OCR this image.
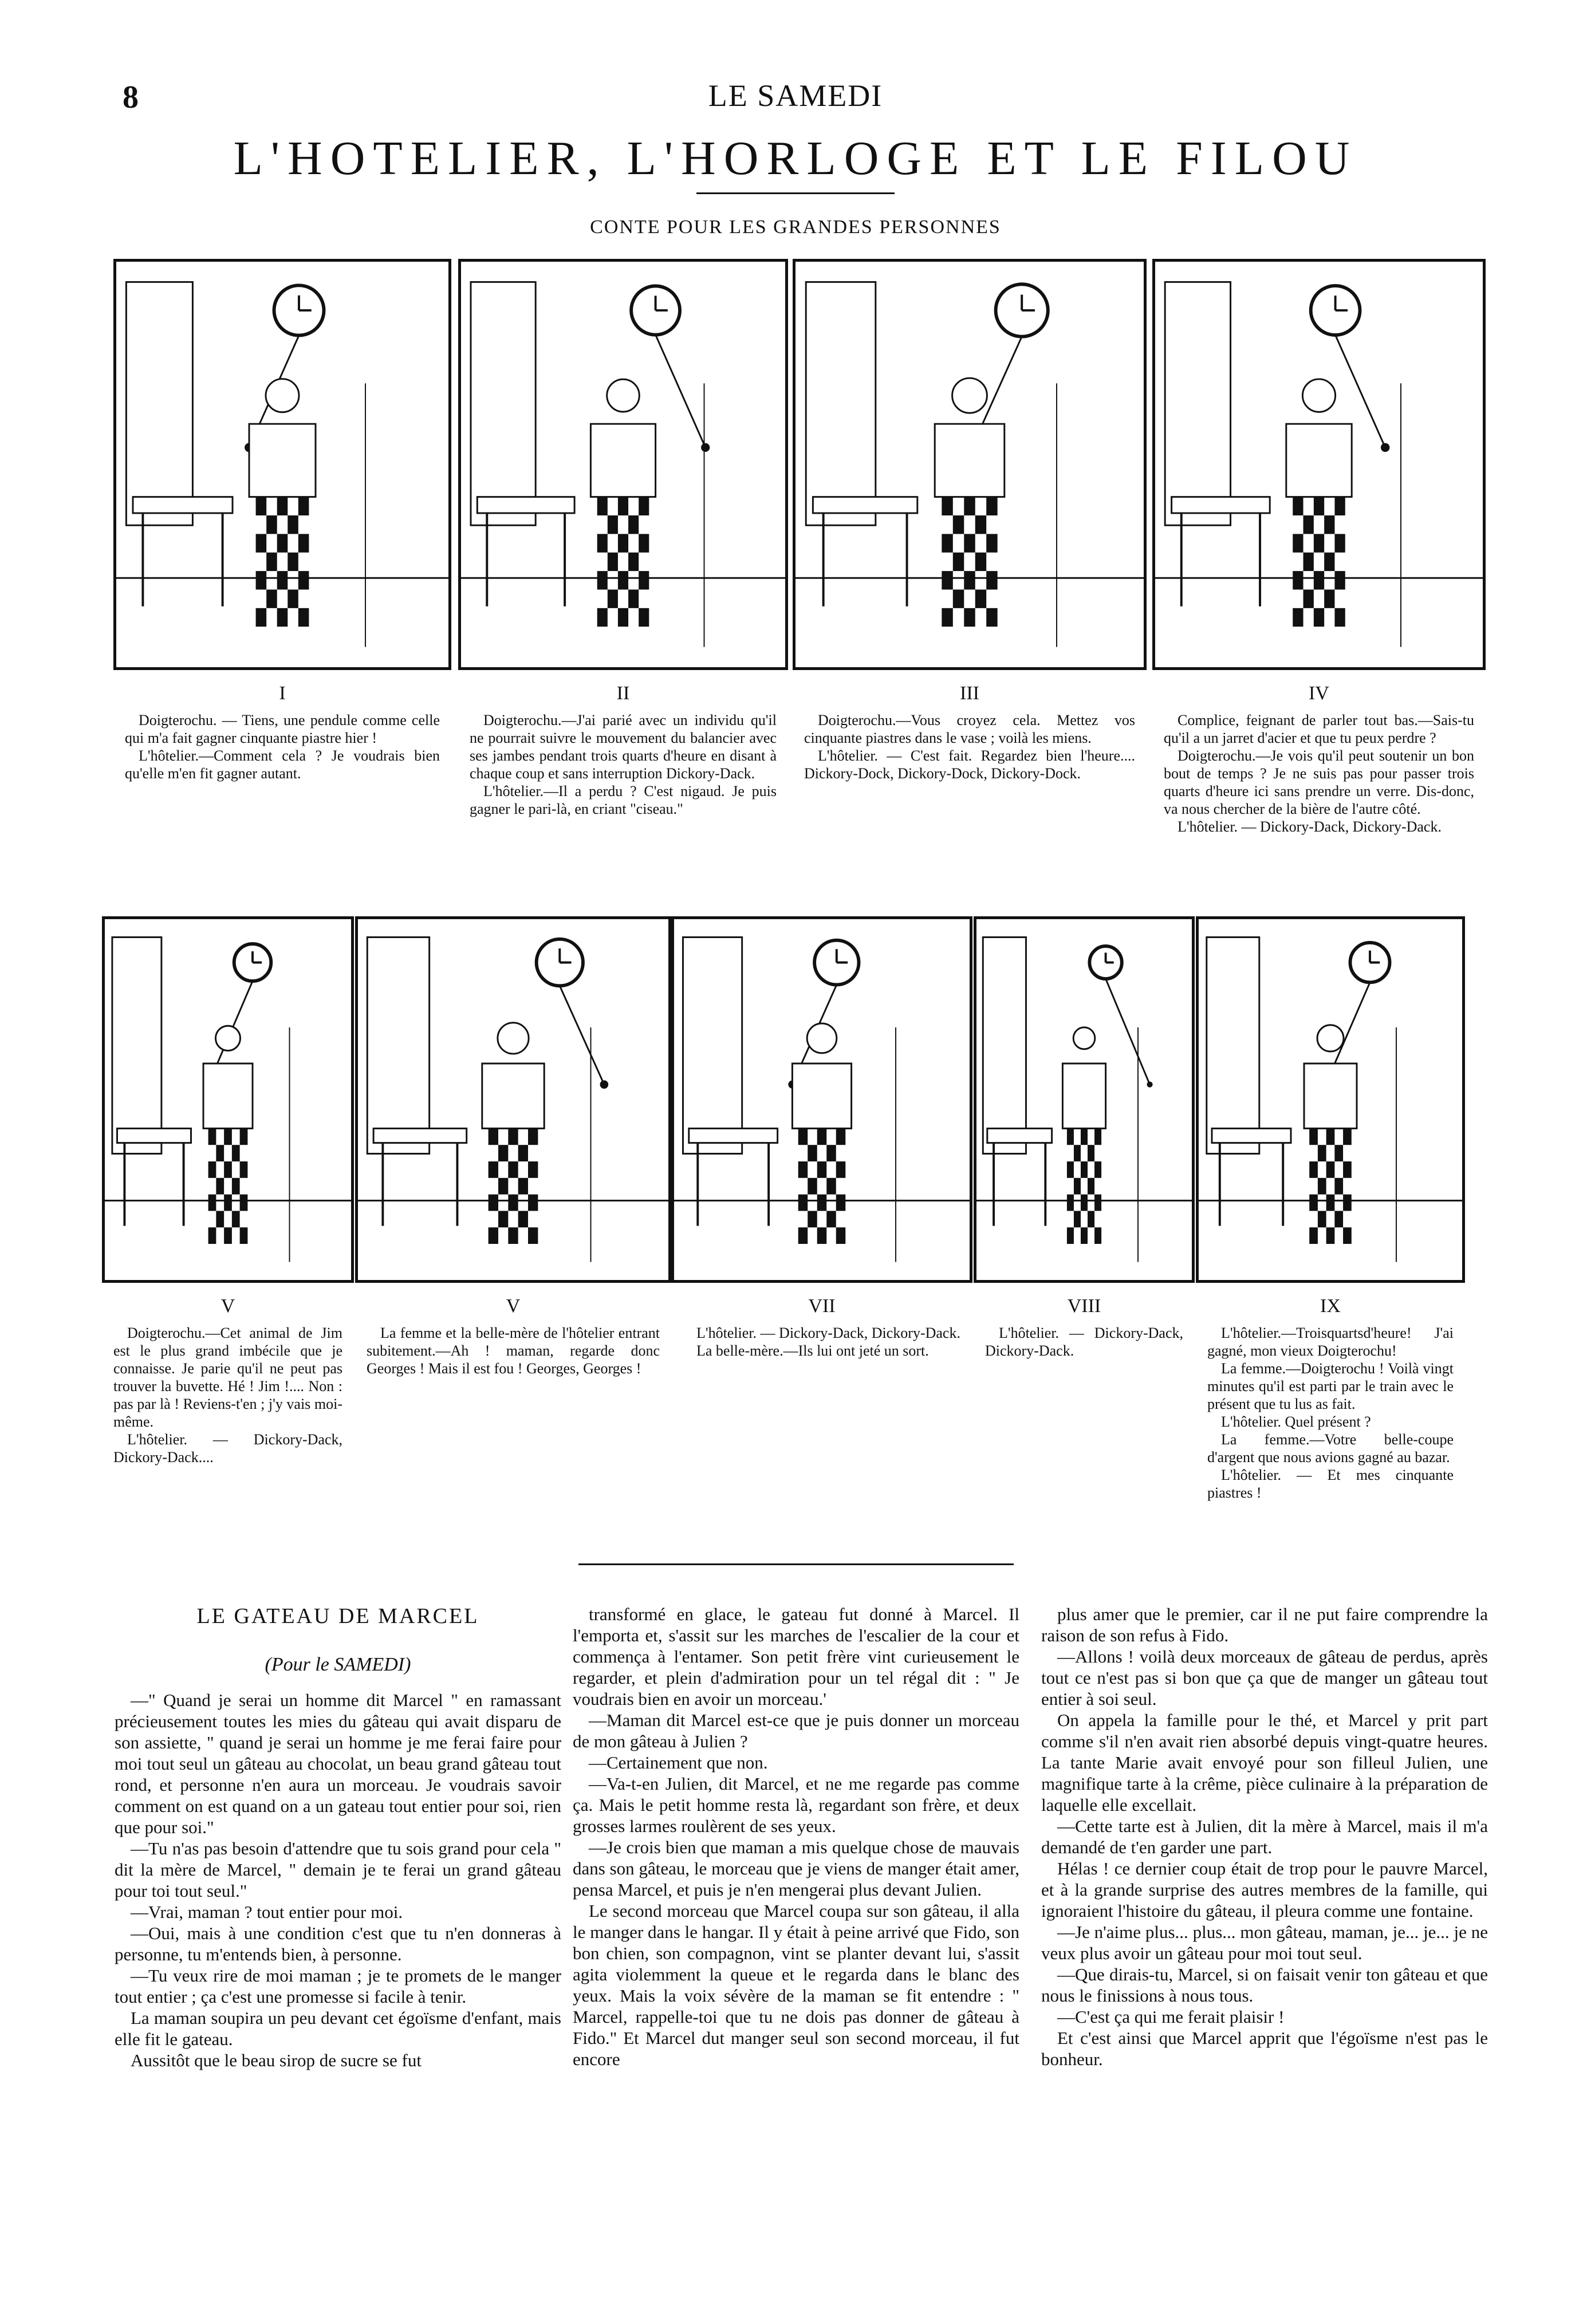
8	LE SAMEDI
L'HOTELIER, L'HORLOGE ET LE FILOU
CONTE POUR LES GRANDES PERSONNES
I

Doigterochu. — Tiens, une pendule comme celle qui m'a fait gagner cinquante piastre hier !

L'hôtelier.—Comment cela ? Je voudrais bien qu'elle m'en fit gagner autant.

II

Doigterochu.—J'ai parié avec un individu qu'il ne pourrait suivre le mouvement du balancier avec ses jambes pendant trois quarts d'heure en disant à chaque coup et sans interruption Dickory-Dack.

L'hôtelier.—Il a perdu ? C'est nigaud. Je puis gagner le pari-là, en criant "ciseau."

III

Doigterochu.—Vous croyez cela. Mettez vos cinquante piastres dans le vase ; voilà les miens.

L'hôtelier. — C'est fait. Regardez bien l'heure.... Dickory-Dock, Dickory-Dock, Dickory-Dock.

IV

Complice, feignant de parler tout bas.—Sais-tu qu'il a un jarret d'acier et que tu peux perdre ?

Doigterochu.—Je vois qu'il peut soutenir un bon bout de temps ? Je ne suis pas pour passer trois quarts d'heure ici sans prendre un verre. Dis-donc, va nous chercher de la bière de l'autre côté.

L'hôtelier. — Dickory-Dack, Dickory-Dack.

V

Doigterochu.—Cet animal de Jim est le plus grand imbécile que je connaisse. Je parie qu'il ne peut pas trouver la buvette. Hé ! Jim !.... Non : pas par là ! Reviens-t'en ; j'y vais moi-même.

L'hôtelier. — Dickory-Dack, Dickory-Dack....

V

La femme et la belle-mère de l'hôtelier entrant subitement.—Ah ! maman, regarde donc Georges ! Mais il est fou ! Georges, Georges !

VII

L'hôtelier. — Dickory-Dack, Dickory-Dack.

La belle-mère.—Ils lui ont jeté un sort.

VIII

L'hôtelier. — Dickory-Dack, Dickory-Dack.

IX

L'hôtelier.—Troisquartsd'heure! J'ai gagné, mon vieux Doigterochu!

La femme.—Doigterochu ! Voilà vingt minutes qu'il est parti par le train avec le présent que tu lus as fait.

L'hôtelier. Quel présent ?

La femme.—Votre belle-coupe d'argent que nous avions gagné au bazar.

L'hôtelier. — Et mes cinquante piastres !

LE GATEAU DE MARCEL
(Pour le SAMEDI)

—" Quand je serai un homme dit Marcel " en ramassant précieusement toutes les mies du gâteau qui avait disparu de son assiette, " quand je serai un homme je me ferai faire pour moi tout seul un gâteau au chocolat, un beau grand gâteau tout rond, et personne n'en aura un morceau. Je voudrais savoir comment on est quand on a un gateau tout entier pour soi, rien que pour soi."

—Tu n'as pas besoin d'attendre que tu sois grand pour cela " dit la mère de Marcel, " demain je te ferai un grand gâteau pour toi tout seul."

—Vrai, maman ? tout entier pour moi.

—Oui, mais à une condition c'est que tu n'en donneras à personne, tu m'entends bien, à personne.

—Tu veux rire de moi maman ; je te promets de le manger tout entier ; ça c'est une promesse si facile à tenir.

La maman soupira un peu devant cet égoïsme d'enfant, mais elle fit le gateau.

Aussitôt que le beau sirop de sucre se fut

transformé en glace, le gateau fut donné à Marcel. Il l'emporta et, s'assit sur les marches de l'escalier de la cour et commença à l'entamer. Son petit frère vint curieusement le regarder, et plein d'admiration pour un tel régal dit : " Je voudrais bien en avoir un morceau.'

—Maman dit Marcel est-ce que je puis donner un morceau de mon gâteau à Julien ?

—Certainement que non.

—Va-t-en Julien, dit Marcel, et ne me regarde pas comme ça. Mais le petit homme resta là, regardant son frère, et deux grosses larmes roulèrent de ses yeux.

—Je crois bien que maman a mis quelque chose de mauvais dans son gâteau, le morceau que je viens de manger était amer, pensa Marcel, et puis je n'en mengerai plus devant Julien.

Le second morceau que Marcel coupa sur son gâteau, il alla le manger dans le hangar. Il y était à peine arrivé que Fido, son bon chien, son compagnon, vint se planter devant lui, s'assit agita violemment la queue et le regarda dans le blanc des yeux. Mais la voix sévère de la maman se fit entendre : " Marcel, rappelle-toi que tu ne dois pas donner de gâteau à Fido." Et Marcel dut manger seul son second morceau, il fut encore

plus amer que le premier, car il ne put faire comprendre la raison de son refus à Fido.

—Allons ! voilà deux morceaux de gâteau de perdus, après tout ce n'est pas si bon que ça que de manger un gâteau tout entier à soi seul.

On appela la famille pour le thé, et Marcel y prit part comme s'il n'en avait rien absorbé depuis vingt-quatre heures. La tante Marie avait envoyé pour son filleul Julien, une magnifique tarte à la crême, pièce culinaire à la préparation de laquelle elle excellait.

—Cette tarte est à Julien, dit la mère à Marcel, mais il m'a demandé de t'en garder une part.

Hélas ! ce dernier coup était de trop pour le pauvre Marcel, et à la grande surprise des autres membres de la famille, qui ignoraient l'histoire du gâteau, il pleura comme une fontaine.

—Je n'aime plus... plus... mon gâteau, maman, je... je... je ne veux plus avoir un gâteau pour moi tout seul.

—Que dirais-tu, Marcel, si on faisait venir ton gâteau et que nous le finissions à nous tous.

—C'est ça qui me ferait plaisir !

Et c'est ainsi que Marcel apprit que l'égoïsme n'est pas le bonheur.
